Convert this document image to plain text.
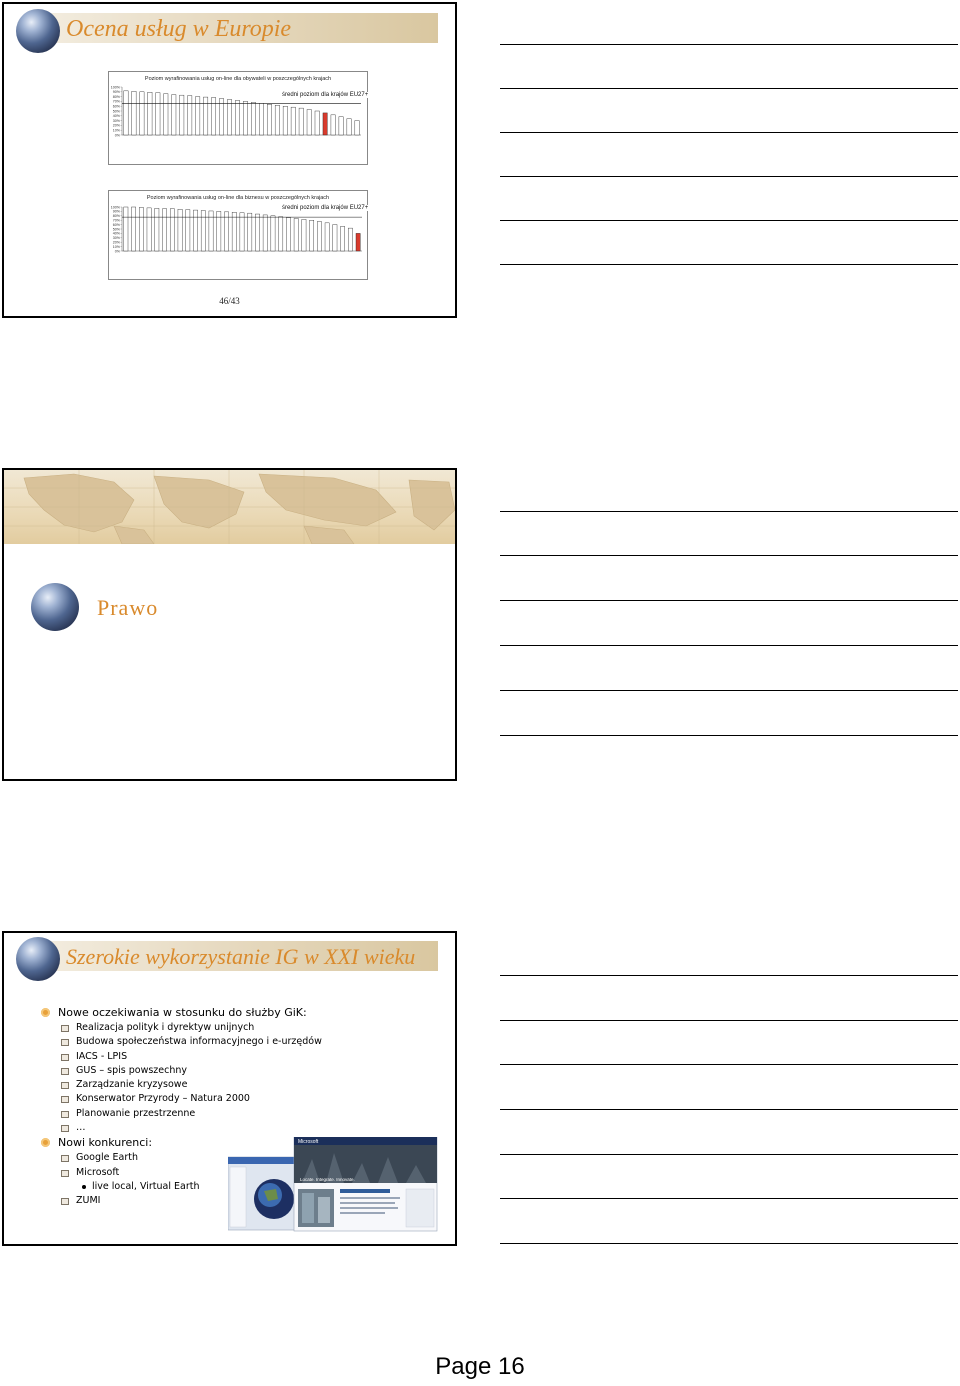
Ocena usług w Europie
Poziom wyrafinowania usług on-line dla obywateli w poszczególnych krajach
100%
90%
80%
70%
60%
50%
40%
30%
20%
10%
0%
średni poziom dla krajów EU27+
Poziom wyrafinowania usług on-line dla biznesu w poszczególnych krajach
100%
90%
80%
70%
60%
50%
40%
30%
20%
10%
0%
średni poziom dla krajów EU27+
46/43
Prawo
Szerokie wykorzystanie IG w XXI wieku
Nowe oczekiwania w stosunku do służby GiK:
Realizacja polityk i dyrektyw unijnych
Budowa społeczeństwa informacyjnego i e-urzędów
IACS - LPIS
GUS – spis powszechny
Zarządzanie kryzysowe
Konserwator Przyrody – Natura 2000
Planowanie przestrzenne
…
Nowi konkurenci:
Google Earth
Microsoft
live local, Virtual Earth
ZUMI
Microsoft
Locate. Integrate. Innovate.
Page 16
